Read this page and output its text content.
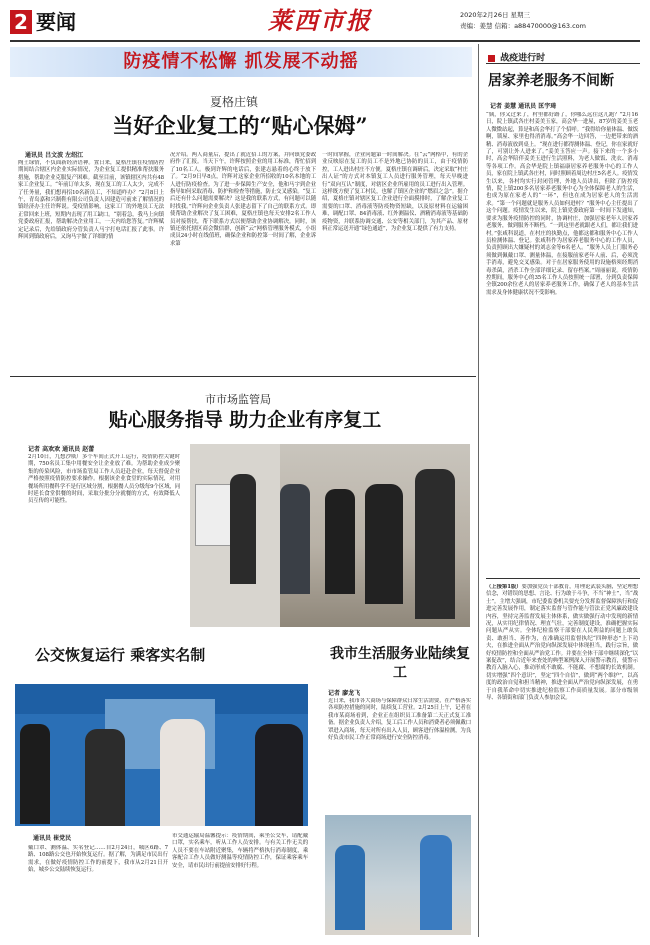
2 要闻	莱西市报	2020年2月26日 星期三
责编：姜慧 信箱：a88470000@163.com
防疫情不松懈 抓发展不动摇
夏格庄镇
当好企业复工的“贴心保姆”
通讯员 吕文波 左绍江
陶土绿情，不负面新经济语神。置日来，夏格庄镇在疫情防控期间结合辖区内企业实际情况，为企业复工提供精准帮扶服务措施，帮助企业克服复产困难。截至目前，该镇辖区内共有48家工企业复工。“年前订单太多，现在复工的工人太少，完成不了任务量，我们想再招10名新员工，不知道咋办？”2月8日上午，青岛嘉和兴制鞋有限公司负责人因建造可前来了解情况的镇经济办主任许辉说。受疫情影响，这家工厂的外地员工无法正常回来上班，短期内击现了用工缺口。“别着急，我马上向镇党委政府汇报，帮助解决企业用工，一天内给您答复。”许辉赋定记录后，先给镇政府分管负责人马宇打电话汇报了此事。许辉回到镇政府后，又询马宇做了详细的情
况介绍。两人商量后，提出了就近招工的方案，并向镇党委政府作了汇报。当天下午，许辉按照企业的用工标准，帮忙招到了10名工人。极到许辉的电话后，张建志悬着的心终于放下了。“2月9日早8点，许辉对这家企业所招收的10名本地的工人进行防疫检查。为了进一步保障生产安全，他和马宇到企业指导如何采取消毒、防护和检查等措施，防止交叉感染。“复工后还有什么问题需要解决？这是我的联系方式，有问题可以随时找我。”许辉向企业负责人张建志留下了自己的联系方式。即使帮助企业解决了复工困难，夏格庄镇也每天安排2名工作人员对接帮扶，帮下联系方式以便帮助企业协调解决。同时，该镇还依托辖区商会微信群，创新“云”网格管理服务模式，小组成员24小时在线值班，确保企业和防控第一时间了解，企业诉求第
一时间掌握，企业问题第一时间解决。在“云”网格中，有的企业反映原在复工的员工不是外地已协防的员工，由于疫情防控，工人进出村庄不方便。夏格庄镇在调研后，决定采取“村庄出人证”的方式对本镇复工人员进行服务管理，每天早晚进行“双向互认”制度，对辖区企业所雇用的员工进行出入管理。这样既方便了复工村民，也解了镇区企业的“燃眉之急”。据介绍，夏格庄镇对辖区复工企业进行全面摸排时，了解企业复工需要的口罩、消毒液等防疫物资短缺，以及原材料在运输困难，调配口罩、84消毒液、红外测温仪、酒精消毒液等基础防疫物资，并联系协调交通、公安等相关部门，为其产品、原材料正常运送开通“绿色通道”，为企业复工提供了有力支持。
市市场监管局
贴心服务指导 助力企业有序复工
记者 高欢欢 通讯员 赵蕾
2月10日，九想沙威厂多个车间正式开工运行，疫情防控关键时期，750名员工集中用餐安全让企业放了难。为帮助企业成少聚集的传染风险，市市场监管局工作人员赶赴企业，每天督促企业严格按照疫情防控要求操作。根据该企业食堂的实际情况，对用餐场所用餐科学不是行区域分割，根据餐人员分级每9个区域，同时延长食堂供餐的时间，采取分批分分就餐的方式，有效降低人员互传的可能性。
公交恢复运行 乘客实名制
通讯员 崔党民
戴口罩、测体温、实名登记……自2月24日，城区6路、7路、108路公交也开始恢复运行。据了解，为满足市民出行需求，在做好疫情防控工作的前提下，我市从2月21日开始，城乡公交陆续恢复运行。
市交通运输局温馨提示：疫情期间，乘坐公交车，请配戴口罩，实名乘车，听从工作人员安排。与有关工作无关的人员不要在车站附近聚集，车辆将严格执行消毒制度，乘客配合工作人员做好测温等疫情防控工作，保证乘客乘车安全，请市民出行前提前安排好行程。
我市生活服务业陆续复工
记者 廖龙飞
近日来，我市各大商场与保障群众日常生活需要，在严格落实各项防控措施的同时，陆续复工营业。2月25日上午，记者在我市某商场看到，企业正在组织员工准备第二天正式复工准备。据企业负责人介绍，复工后工作人员和消费者必须佩戴口罩进入商场，每天对所有出入人员，顾客进行体温检测，为良好负责市民工作正常商场进行安全防控消毒。
战疫进行时
居家养老服务不间断
记者 姜慧 通讯员 匡宇琦
“姨，你又过来了，村里都好路了，你哪么远往这儿跑？”2月16日，院上镇武各庄村姜美玉家，高会华一进屋，87岁的姜美玉老人微微站起，算是和高会华打了个招呼。“我得给你量体温、做饭啊，锁屋、家里也得消消毒。”高会华一边回答，一边把带来的酒精、消毒液放到桌上。“现在进行都得测体温、登记，你在家就好了，可别让外人进来了。”姜美玉答应一声。接下来的一个多小时，高会华陪伴姜美玉进行生活照料，为老人做饭、洗衣、消毒等各项工作。高会华是院上镇福康居家养老服务中心的工作人员，家在院上镇武各庄村，同时照顾着周边村庄5名老人。疫情发生以来，各村均实行封闭管理，外地人员讲出，但除了防控疫情，院上镇200多名居家养老服务中心为全体保障老人的生活，也成为原在家老人的“一环”，但也在成为居家老人的生活需求。“第一个问题就是服务人员如何进村？”服务中心主任提出了这个问题。疫情发生以来，院上镇党委政府第一时间下发通知，要求为服务疫情防控的同时，协调村庄，加强居家老年人居家养老服务，做到服务不断档。“一到这里老就跟老人们，都让我们进村。”张咸科说道，在村庄的执勤点，他都这都和服务中心工作人员检测体温、登记。张咸科作为居家养老服务中心的工作人员，负责照顾出大嫌疑村的刘志金等6名老人。“服务人员上门服务必须做到佩戴口罩、测量体温，在接服前家老年人前、后，必须洗手消毒，避免交叉感染。对于在居家服务使用的设施格须经期消毒杀菌，消杀工作全部详细记录、留存档案。”周丽丽说。疫情防控期间，服务中心的35名工作人员按照统一部署，分到负责保障全镇200余位老人的居家养老服务工作，确保了老人的基本生活需求及身体健康状况不受影响。
（上接第1版）要加强党员干部教育，用理论武装头脑，坚定理想信念，对错误的思想、言论、行为敢于斗争，不当“神士”，当“战士”。主增大强调，市纪委监委机关要充分发挥监督保障执行和促进完善发展作用，制定落实监督与管作能与管法正党风廉政建设内容，坚持完善监督发展主体体系，做实做强行动中发现的新情况，从实用纪律情况、理直气壮，完善制度建设，准确把握实际问题从严从实。全体纪检监察干部要在人民利益的问题上敢负责、敢担当、善作为，在准确运用监督执纪“四种形态”上下功夫，在推进全面从严治党向纵深发展中体现担当，践行宗旨，做好疫情防控和全面从严治党工作。并要在全体干部中继续深化“以案促改”，结合近年来查处的典型案例深入开展警示教育，使警示教育入脑入心，推动形成不敢腐、不能腐、不想腐的长效机制。切实增强“四个意识”，坚定“四个自信”，做到“两个维护”，以高度的政治自觉和担当精神，推进全面从严治党向纵深发展，在勇于自我革命中切实推进纪检监察工作高质量发展。部分市级领导、各镇街和部门负责人参加会议。
